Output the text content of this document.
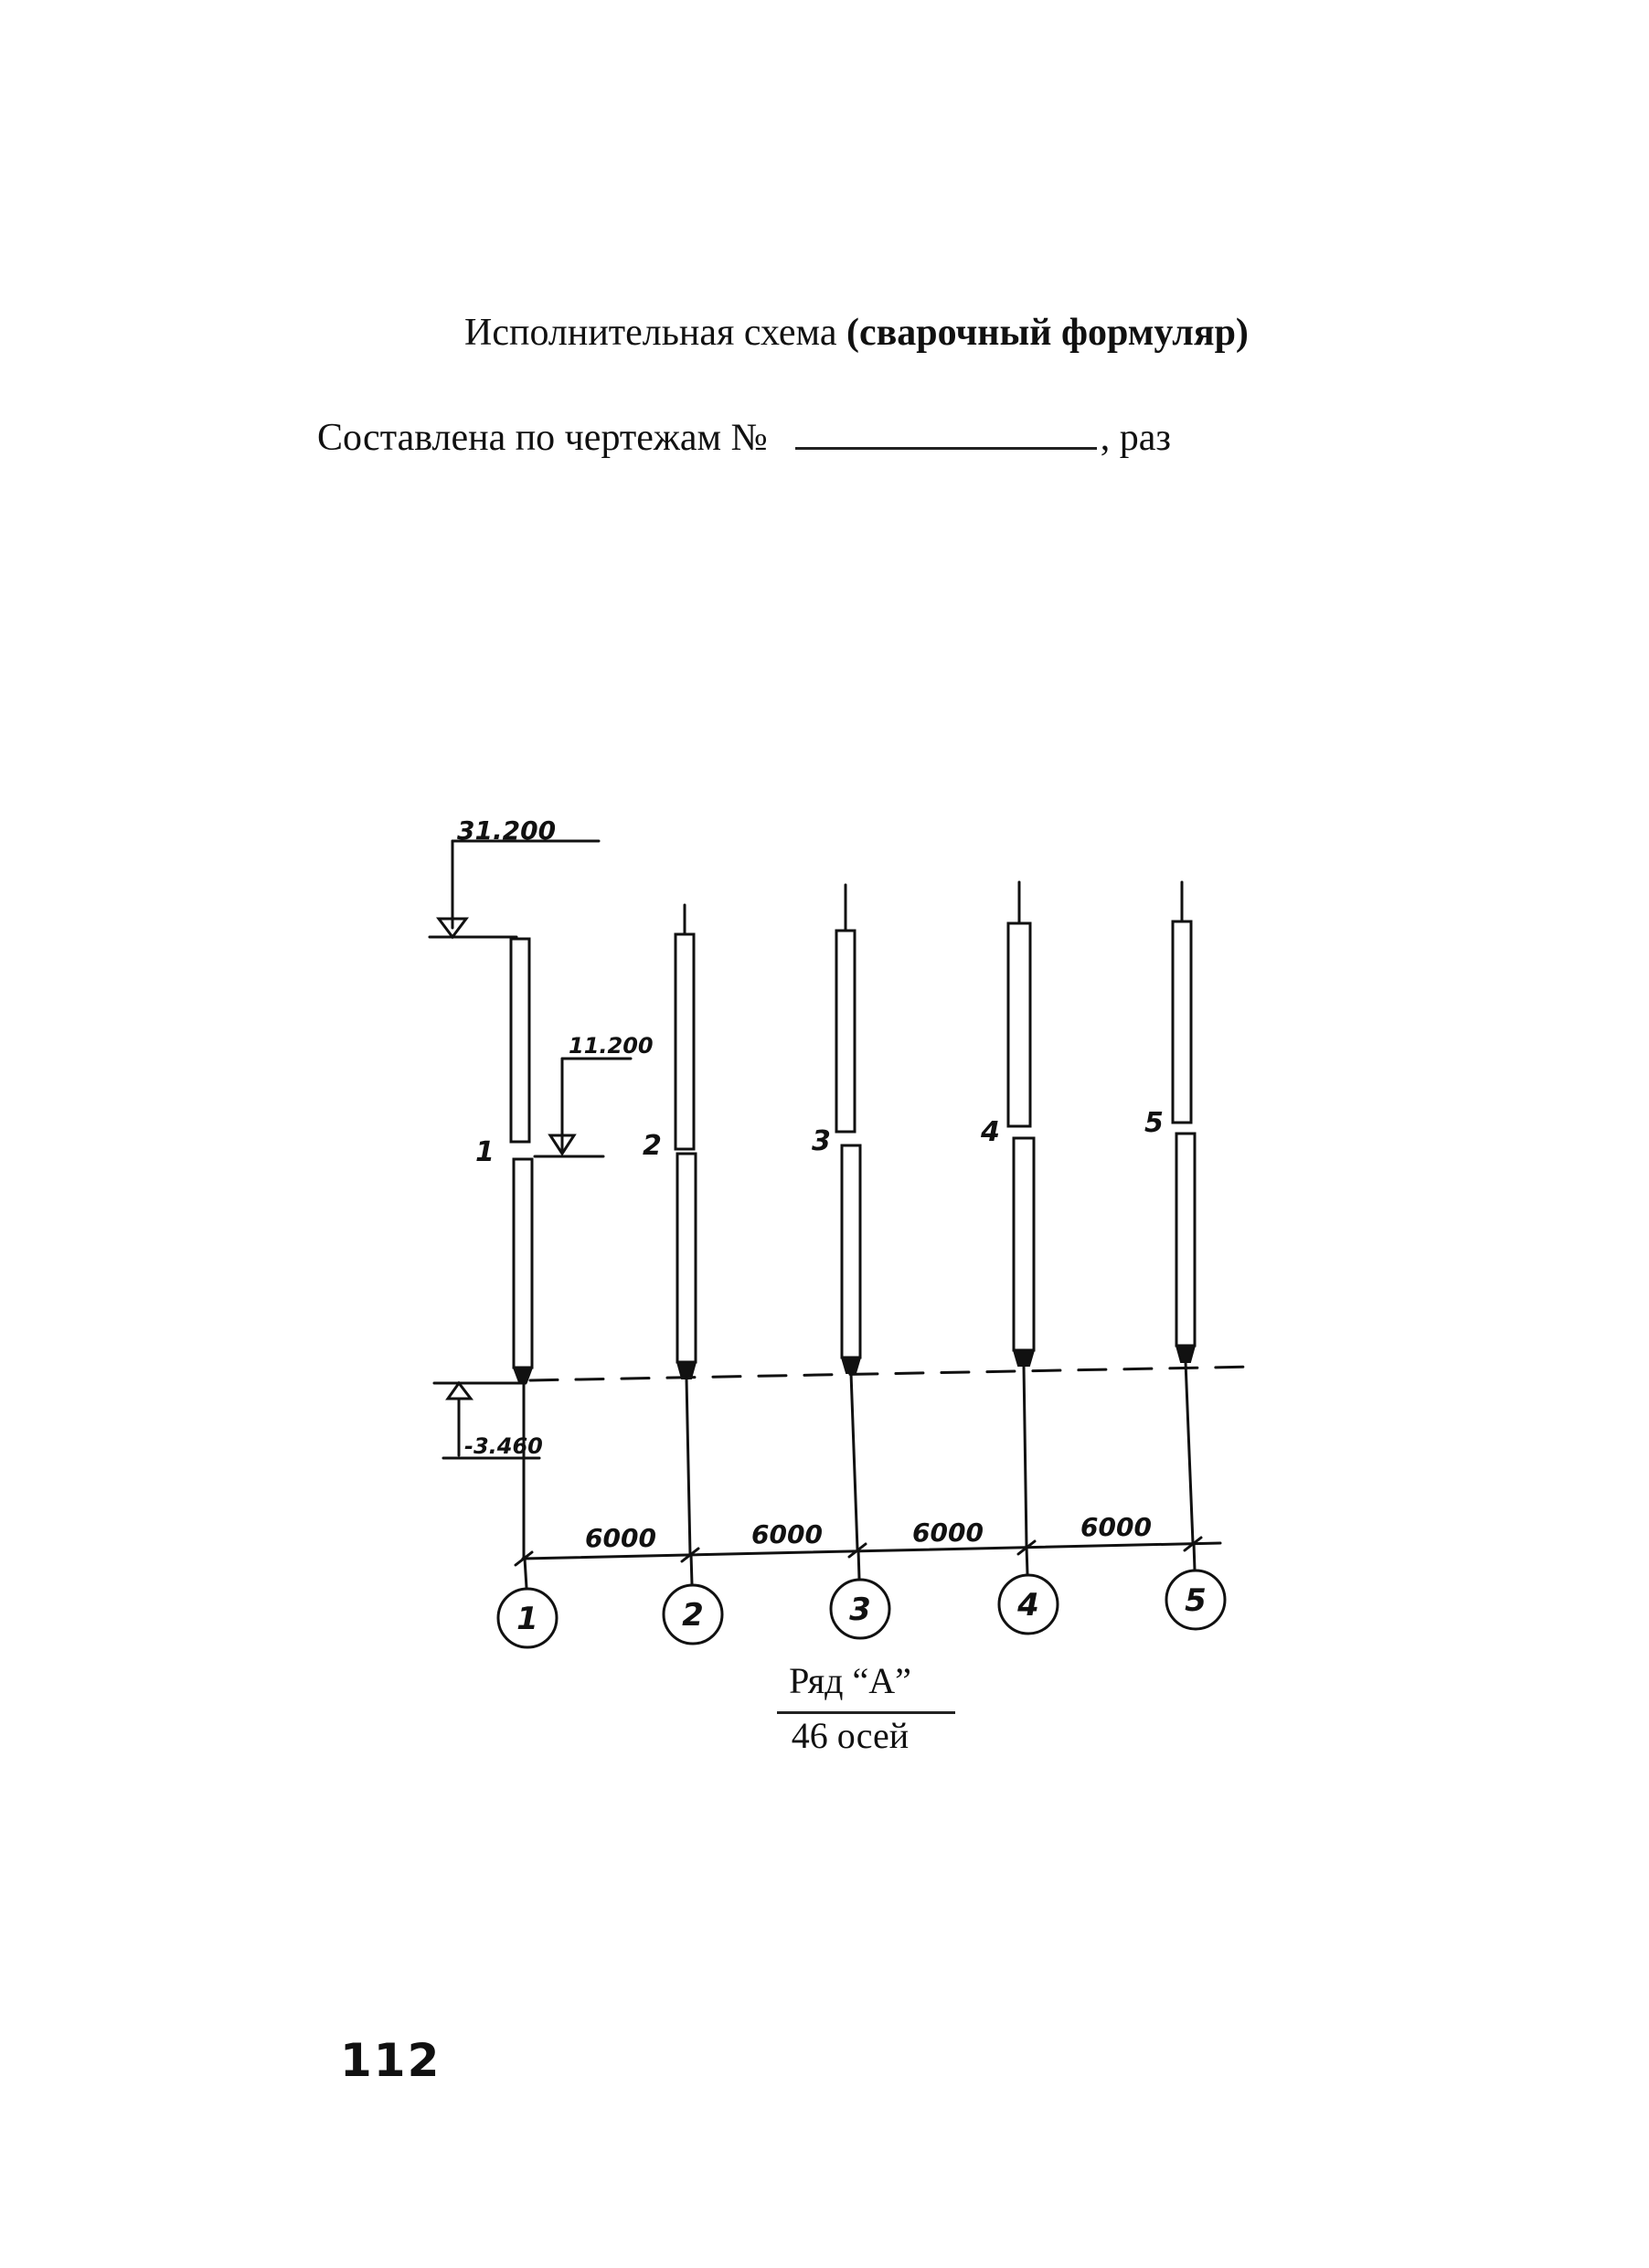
Исполнительная схема (сварочный формуляр)
Составлена по чертежам №	, раз
31.200
11.200
-3.460
1	2	3	4	5
6000	6000	6000	6000
1	2	3	4	5
Ряд “А”
46 осей
112
